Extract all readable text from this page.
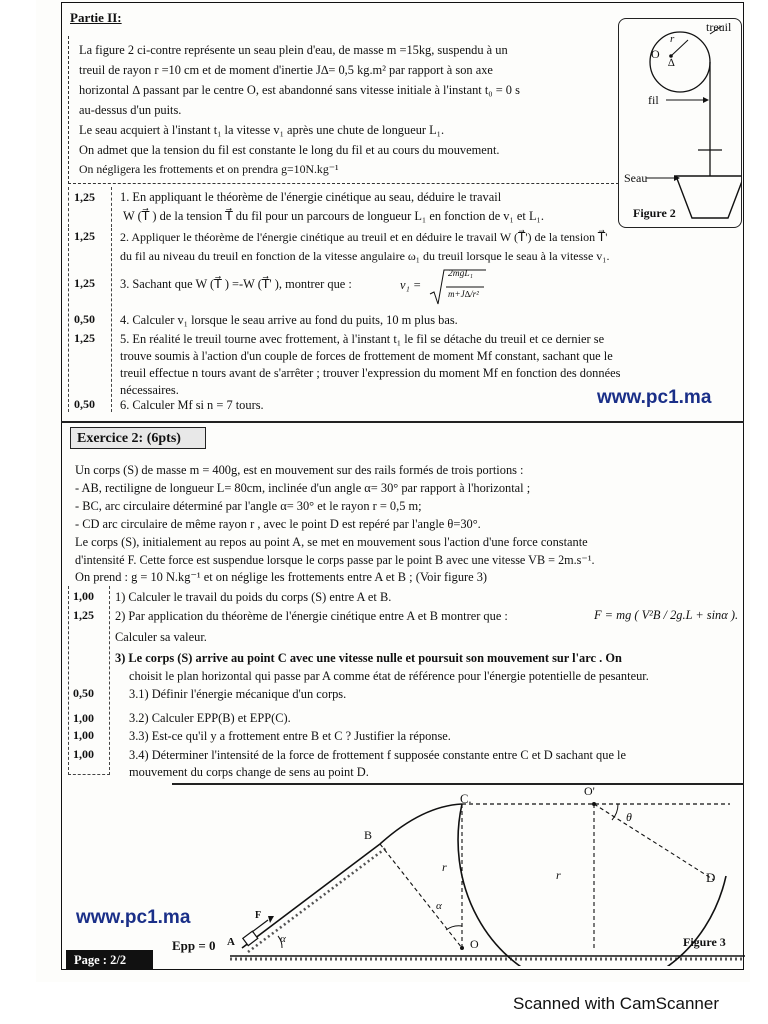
Partie II:
La figure 2 ci-contre représente un seau plein d'eau, de masse m =15kg, suspendu à un
treuil de rayon r =10 cm et de moment d'inertie J∆= 0,5 kg.m² par rapport à son axe
horizontal ∆ passant par le centre O, est abandonné sans vitesse initiale à l'instant t₀ = 0 s
au-dessus d'un puits.
Le seau acquiert à l'instant t₁ la vitesse v₁ après une chute de longueur L₁.
On admet que la tension du fil est constante le long du fil et au cours du mouvement.
On négligera les frottements et on prendra g=10N.kg⁻¹
treuil
O
r
∆
fil
Seau
Figure 2
1,25 1. En appliquant le théorème de l'énergie cinétique au seau, déduire le travail
W (T⃗ ) de la tension T⃗ du fil pour un parcours de longueur L₁ en fonction de v₁ et L₁.
1,25 2. Appliquer le théorème de l'énergie cinétique au treuil et en déduire le travail W (T⃗') de la tension T⃗'
du fil au niveau du treuil en fonction de la vitesse angulaire ω₁ du treuil lorsque le seau à la vitesse v₁.
1,25 3. Sachant que W (T⃗ ) =-W (T⃗' ), montrer que :	v₁ =
2mgL₁
m+J∆/r²
0,50 4. Calculer v₁ lorsque le seau arrive au fond du puits, 10 m plus bas.
1,25 5. En réalité le treuil tourne avec frottement, à l'instant t₁ le fil se détache du treuil et ce dernier se
trouve soumis à l'action d'un couple de forces de frottement de moment Mf constant, sachant que le
treuil effectue n tours avant de s'arrêter ; trouver l'expression du moment Mf en fonction des données
nécessaires.
0,50 6. Calculer Mf si n = 7 tours.	www.pc1.ma
Exercice 2: (6pts)
Un corps (S) de masse m = 400g, est en mouvement sur des rails formés de trois portions :
- AB, rectiligne de longueur L= 80cm, inclinée d'un angle α= 30° par rapport à l'horizontal ;
- BC, arc circulaire déterminé par l'angle α= 30° et le rayon r = 0,5 m;
- CD arc circulaire de même rayon r , avec le point D est repéré par l'angle θ=30°.
Le corps (S), initialement au repos au point A, se met en mouvement sous l'action d'une force constante
d'intensité F. Cette force est suspendue lorsque le corps passe par le point B avec une vitesse VB = 2m.s⁻¹.
On prend : g = 10 N.kg⁻¹ et on néglige les frottements entre A et B ; (Voir figure 3)
1,00 1) Calculer le travail du poids du corps (S) entre A et B.
1,25 2) Par application du théorème de l'énergie cinétique entre A et B montrer que :	F = mg ( V²B / 2g.L + sinα ).
Calculer sa valeur.
3) Le corps (S) arrive au point C avec une vitesse nulle et poursuit son mouvement sur l'arc . On
choisit le plan horizontal qui passe par A comme état de référence pour l'énergie potentielle de pesanteur.
0,50	3.1) Définir l'énergie mécanique d'un corps.
1,00	3.2) Calculer EPP(B) et EPP(C).
1,00	3.3) Est-ce qu'il y a frottement entre B et C ? Justifier la réponse.
1,00	3.4) Déterminer l'intensité de la force de frottement f supposée constante entre C et D sachant que le
mouvement du corps change de sens au point D.
Epp = 0 A
B
C.
D
O
O'
r
r
α
α
θ
F
Figure 3
www.pc1.ma
Page : 2/2
Scanned with CamScanner
